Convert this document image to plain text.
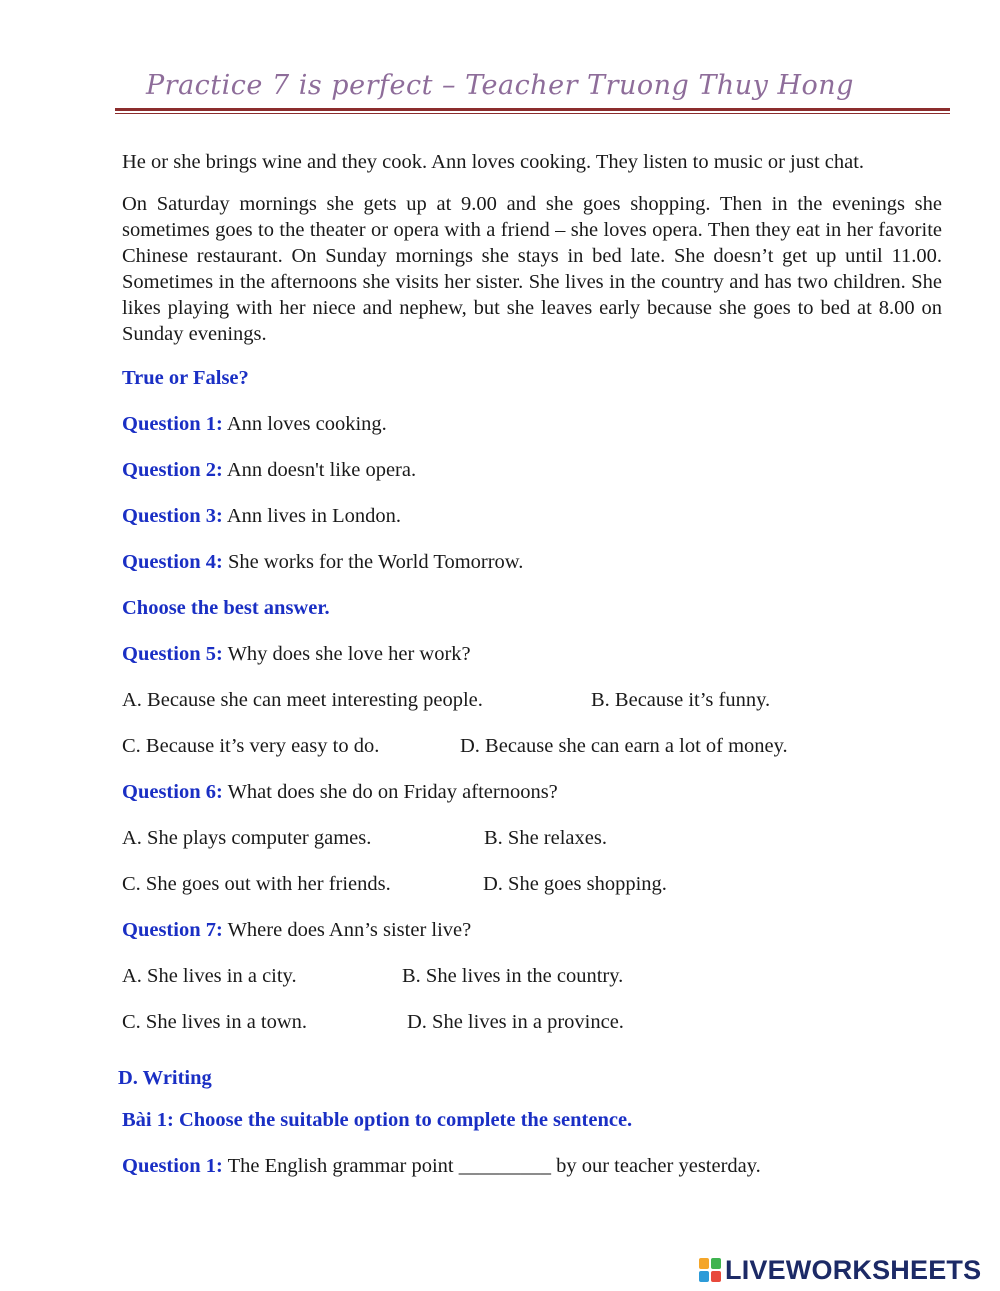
Practice 7 is perfect – Teacher Truong Thuy Hong

He or she brings wine and they cook. Ann loves cooking. They listen to music or just chat.

On Saturday mornings she gets up at 9.00 and she goes shopping. Then in the evenings she sometimes goes to the theater or opera with a friend – she loves opera. Then they eat in her favorite Chinese restaurant. On Sunday mornings she stays in bed late. She doesn’t get up until 11.00. Sometimes in the afternoons she visits her sister. She lives in the country and has two children. She likes playing with her niece and nephew, but she leaves early because she goes to bed at 8.00 on Sunday evenings.

True or False?
Question 1: Ann loves cooking.
Question 2: Ann doesn't like opera.
Question 3: Ann lives in London.
Question 4: She works for the World Tomorrow.
Choose the best answer.
Question 5: Why does she love her work?
A. Because she can meet interesting people.	B. Because it’s funny.
C. Because it’s very easy to do.	D. Because she can earn a lot of money.
Question 6: What does she do on Friday afternoons?
A. She plays computer games.	B. She relaxes.
C. She goes out with her friends.	D. She goes shopping.
Question 7: Where does Ann’s sister live?
A. She lives in a city.	B. She lives in the country.
C. She lives in a town.	D. She lives in a province.
D. Writing
Bài 1: Choose the suitable option to complete the sentence.
Question 1: The English grammar point _________ by our teacher yesterday.
LIVEWORKSHEETS
